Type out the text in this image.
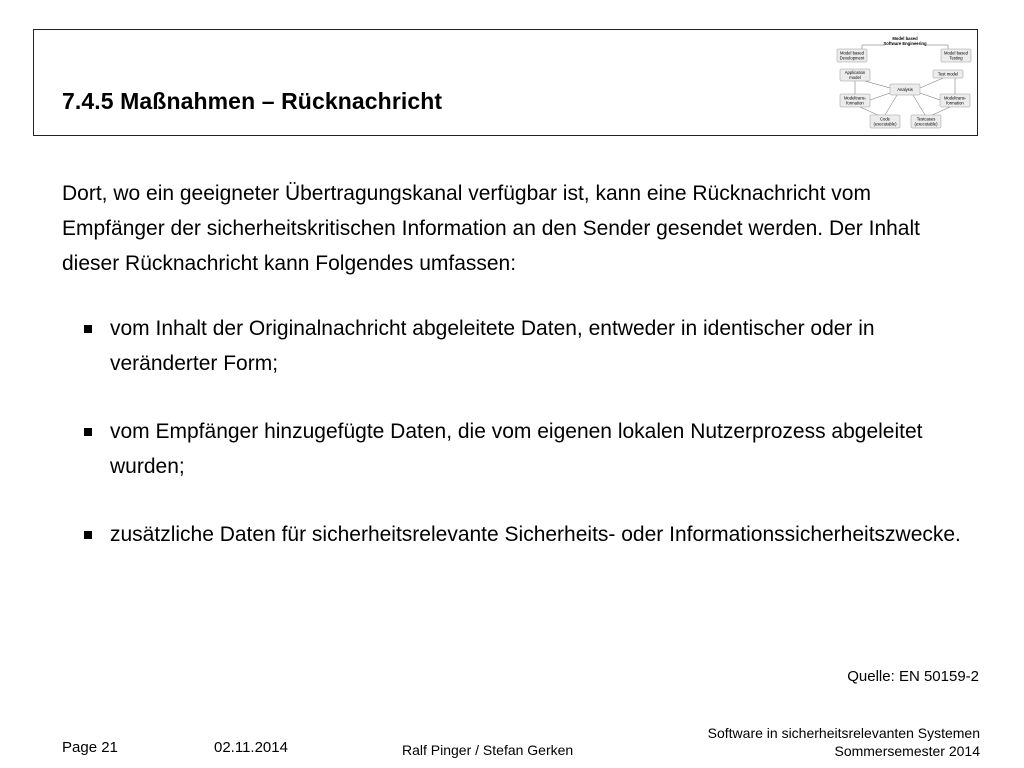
7.4.5 Maßnahmen – Rücknachricht
Model based
Software Engineering
Model based
Development
Model based
Testing
Application
model
Test model
Analysis
Modeltrans-
formation
Modeltrans-
formation
Code
(executable)
Testcases
(executable)

Dort, wo ein geeigneter Übertragungskanal verfügbar ist, kann eine Rücknachricht vom Empfänger der sicherheitskritischen Information an den Sender gesendet werden. Der Inhalt dieser Rücknachricht kann Folgendes umfassen:

vom Inhalt der Originalnachricht abgeleitete Daten, entweder in identischer oder in veränderter Form;
vom Empfänger hinzugefügte Daten, die vom eigenen lokalen Nutzerprozess abgeleitet wurden;
zusätzliche Daten für sicherheitsrelevante Sicherheits- oder Informationssicherheitszwecke.
Quelle: EN 50159-2
Page 21	02.11.2014	Ralf Pinger / Stefan Gerken
Software in sicherheitsrelevanten Systemen
Sommersemester 2014
